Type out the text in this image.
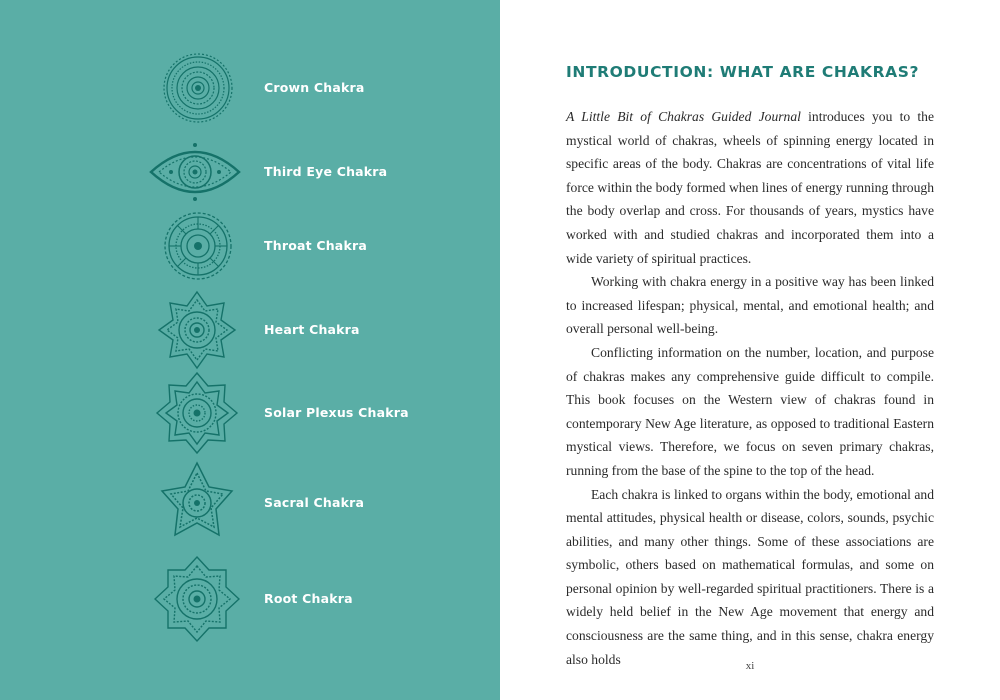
Crown Chakra
Third Eye Chakra
Throat Chakra
Heart Chakra
Solar Plexus Chakra
Sacral Chakra
Root Chakra
INTRODUCTION: WHAT ARE CHAKRAS?

A Little Bit of Chakras Guided Journal introduces you to the mystical world of chakras, wheels of spinning energy located in specific areas of the body. Chakras are concentrations of vital life force within the body formed when lines of energy running through the body overlap and cross. For thousands of years, mystics have worked with and studied chakras and incorporated them into a wide variety of spiritual practices.

Working with chakra energy in a positive way has been linked to increased lifespan; physical, mental, and emotional health; and overall personal well-being.

Conflicting information on the number, location, and purpose of chakras makes any comprehensive guide difficult to compile. This book focuses on the Western view of chakras found in contemporary New Age literature, as opposed to traditional Eastern mystical views. Therefore, we focus on seven primary chakras, running from the base of the spine to the top of the head.

Each chakra is linked to organs within the body, emotional and mental attitudes, physical health or disease, colors, sounds, psychic abilities, and many other things. Some of these associations are symbolic, others based on mathematical formulas, and some on personal opinion by well-regarded spiritual practitioners. There is a widely held belief in the New Age movement that energy and consciousness are the same thing, and in this sense, chakra energy also holds	xi
